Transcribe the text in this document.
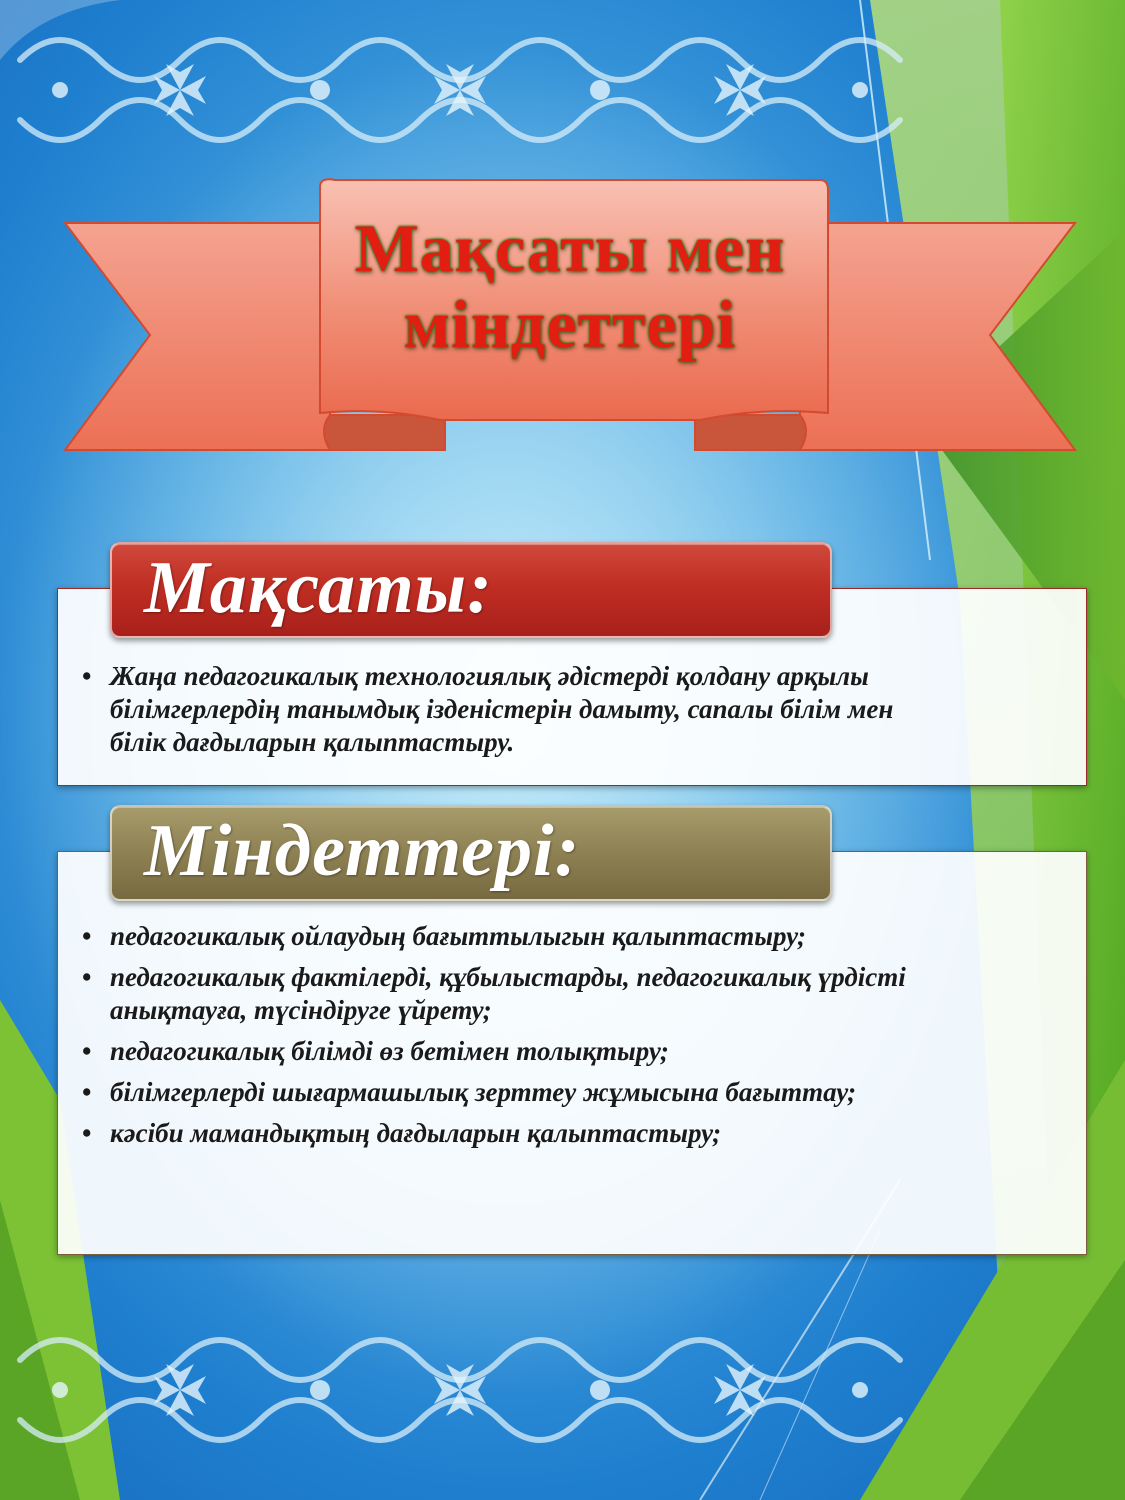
Мақсаты мен
міндеттері
Мақсаты:
• Жаңа педагогикалық технологиялық әдістерді қолдану арқылы білімгерлердің танымдық ізденістерін дамыту, сапалы білім мен білік дағдыларын қалыптастыру.
Міндеттері:
• педагогикалық ойлаудың бағыттылыгын қалыптастыру;
• педагогикалық фактілерді, құбылыстарды, педагогикалық үрдісті анықтауға, түсіндіруге үйрету;
• педагогикалық білімді өз бетімен толықтыру;
• білімгерлерді шығармашылық зерттеу жұмысына бағыттау;
• кәсіби мамандықтың дағдыларын қалыптастыру;
